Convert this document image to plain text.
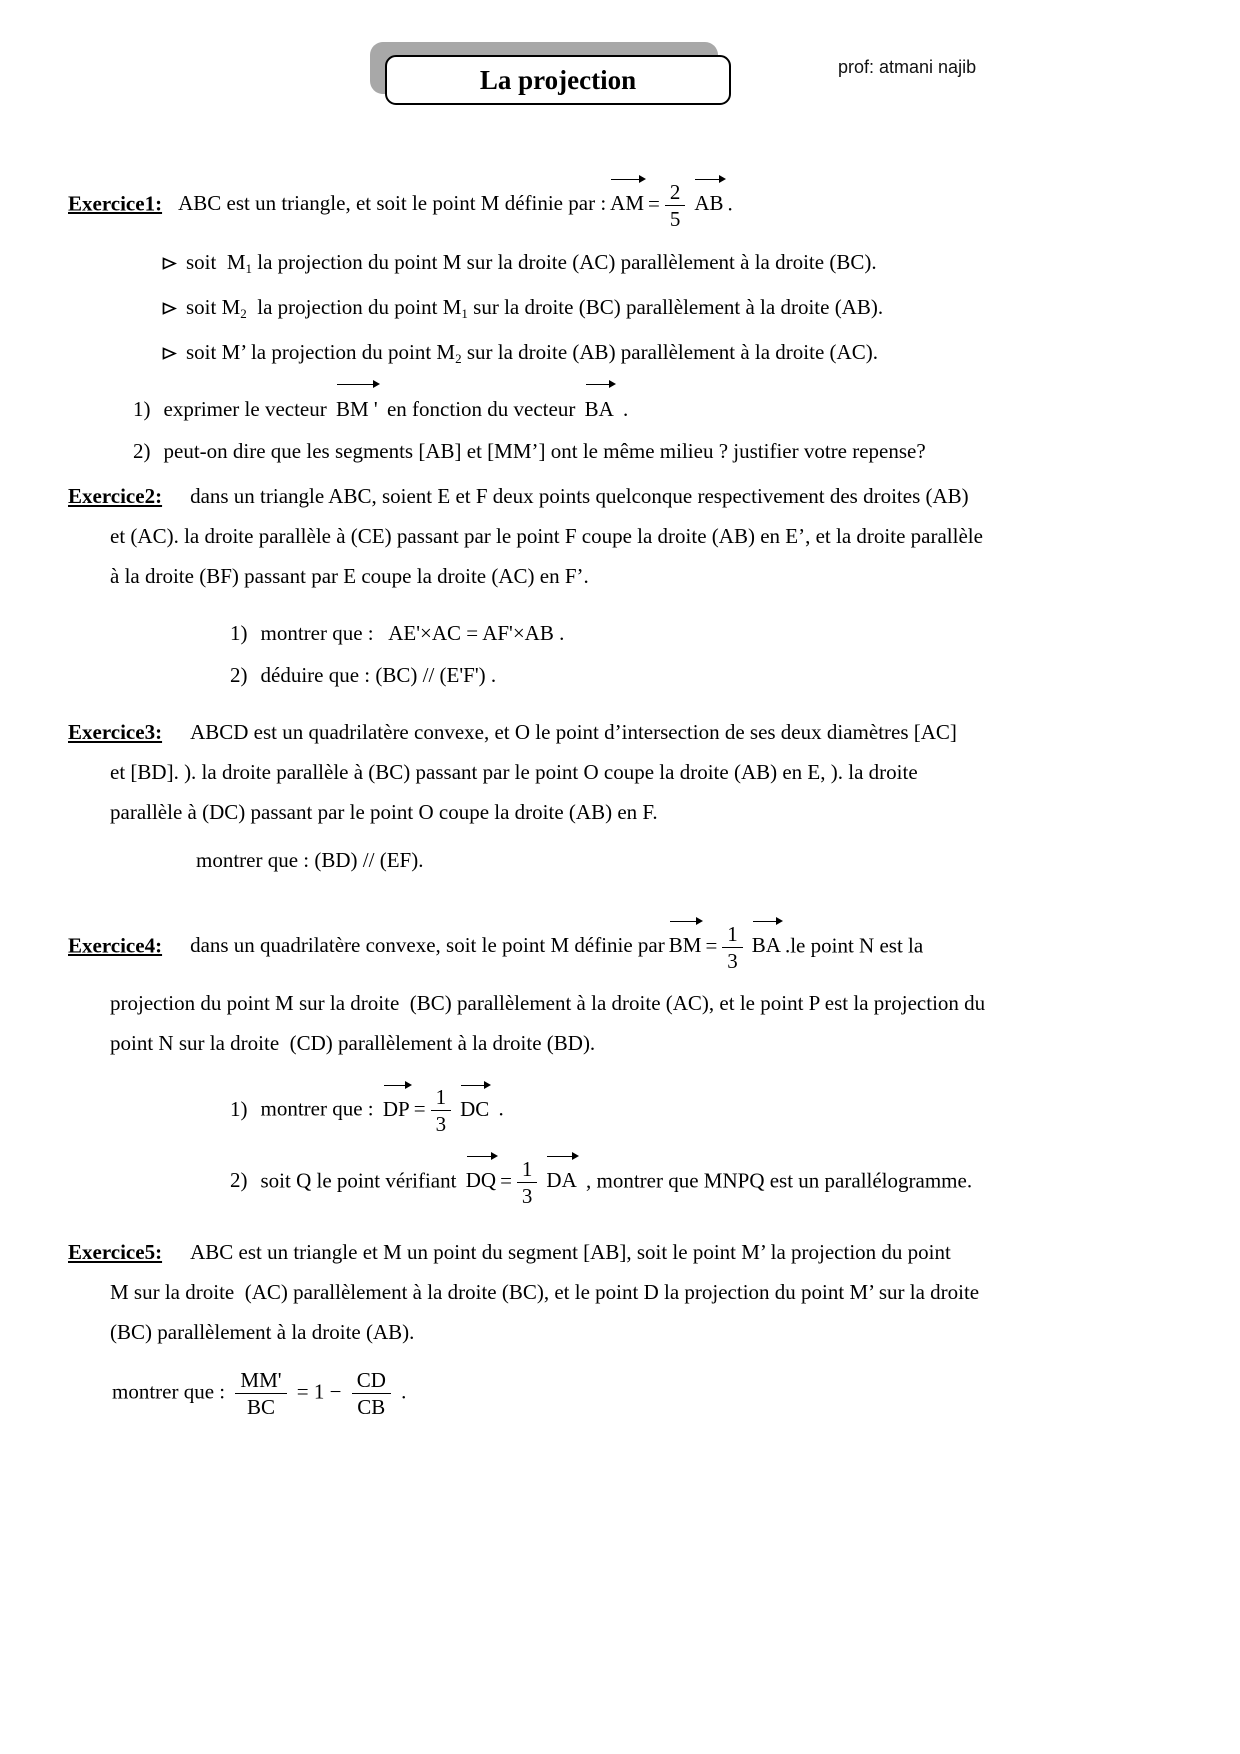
La projection	prof: atmani najib
Exercice1: ABC est un triangle, et soit le point M définie par : AM = $\frac{2}{5}$ AB .
soit  $M_1$ la projection du point M sur la droite (AC) parallèlement à la droite (BC).
soit $M_2$  la projection du point $M_1$ sur la droite (BC) parallèlement à la droite (AB).
soit M’ la projection du point $M_2$ sur la droite (AB) parallèlement à la droite (AC).
1) exprimer le vecteur BM ' en fonction du vecteur BA .
2) peut-on dire que les segments [AB] et [MM’] ont le même milieu ? justifier votre repense?
Exercice2: dans un triangle ABC, soient E et F deux points quelconque respectivement des droites (AB)
et (AC). la droite parallèle à (CE) passant par le point F coupe la droite (AB) en E’, et la droite parallèle
à la droite (BF) passant par E coupe la droite (AC) en F’.
1) montrer que :   AE'×AC = AF'×AB .
2) déduire que : (BC) // (E'F') .
Exercice3: ABCD est un quadrilatère convexe, et O le point d’intersection de ses deux diamètres [AC]
et [BD]. ). la droite parallèle à (BC) passant par le point O coupe la droite (AB) en E, ). la droite
parallèle à (DC) passant par le point O coupe la droite (AB) en F.
montrer que : (BD) // (EF).
Exercice4: dans un quadrilatère convexe, soit le point M définie par BM = $\frac{1}{3}$ BA .le point N est la
projection du point M sur la droite  (BC) parallèlement à la droite (AC), et le point P est la projection du
point N sur la droite  (CD) parallèlement à la droite (BD).
1) montrer que : DP = $\frac{1}{3}$ DC .
2) soit Q le point vérifiant DQ = $\frac{1}{3}$ DA , montrer que MNPQ est un parallélogramme.
Exercice5: ABC est un triangle et M un point du segment [AB], soit le point M’ la projection du point
M sur la droite  (AC) parallèlement à la droite (BC), et le point D la projection du point M’ sur la droite
(BC) parallèlement à la droite (AB).
montrer que : $\frac{MM'}{BC} = 1 - \frac{CD}{CB}$ .
